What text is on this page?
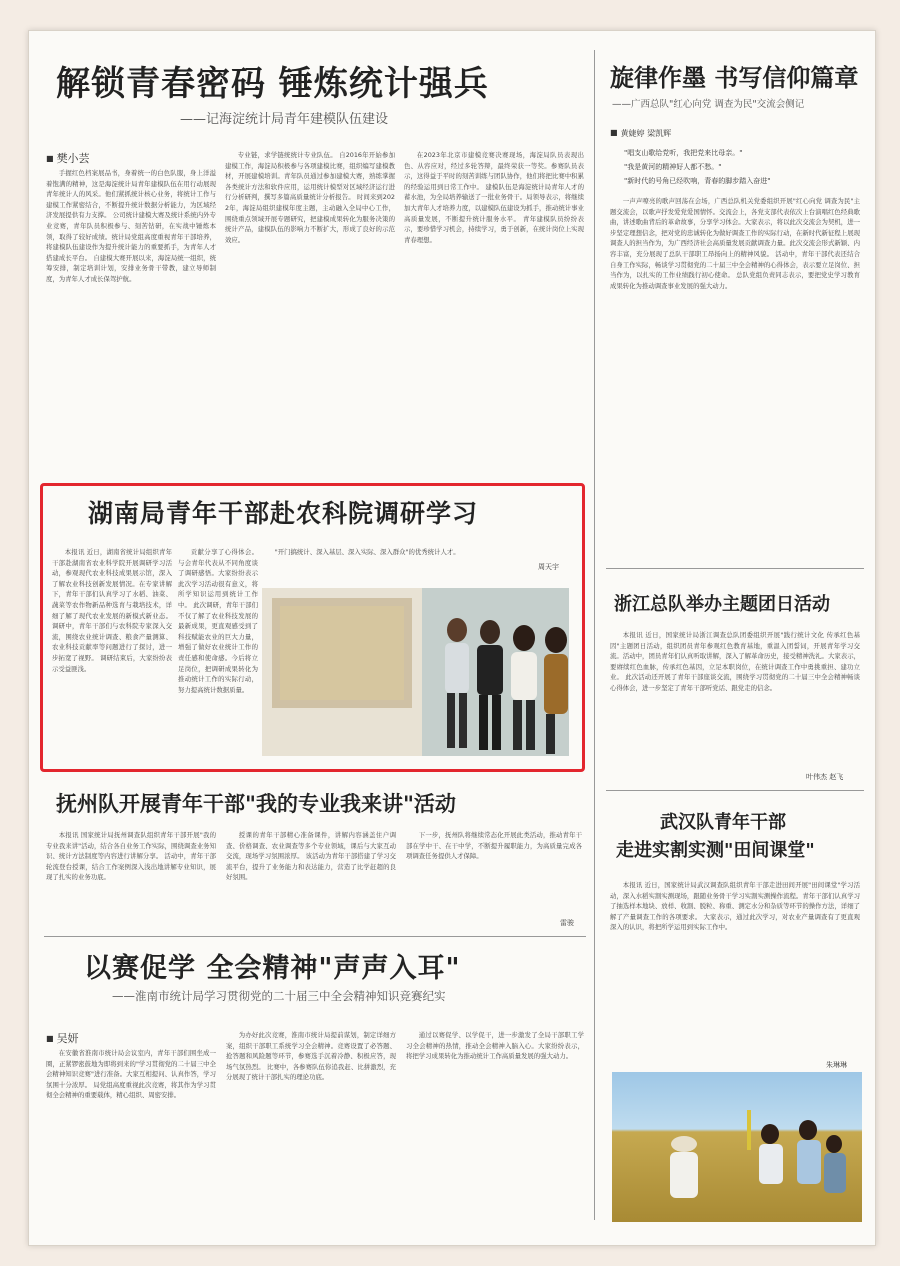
解锁青春密码 锤炼统计强兵
——记海淀统计局青年建模队伍建设
■ 樊小芸

手握红色档案展品书，身着统一的白色队服，身上洋溢着饱满的精神，这是海淀统计局青年建模队伍在用行动展现青年统计人的风采。他们紧抓统计核心业务，将统计工作与建模工作紧密结合，不断提升统计数据分析能力，为区域经济发展提供有力支撑。 公司统计建模大赛及统计系统内外专业竞赛，青年队员积极参与、刻苦钻研，在实战中锤炼本领，取得了较好成绩。统计局党组高度重视青年干部培养，将建模队伍建设作为提升统计能力的重要抓手，为青年人才搭建成长平台。 自建模大赛开展以来，海淀局统一组织，统筹安排，制定培训计划，安排业务骨干带教，建立导师制度，为青年人才成长保驾护航。

专业链，求学链统统计专业队伍。 自2016年开始参加建模工作，海淀局积极参与各项建模比赛，组织编写建模教材，开展建模培训。青年队员通过参加建模大赛，熟练掌握各类统计方法和软件应用，运用统计模型对区域经济运行进行分析研判，撰写多篇高质量统计分析报告。 时间来到2022年，海淀局组织建模年度主题，主动融入全局中心工作，围绕重点领域开展专题研究，把建模成果转化为服务决策的统计产品，建模队伍的影响力不断扩大，形成了良好的示范效应。

在2023年北京市建模竞赛决赛现场，海淀局队员表现出色、从容应对，经过多轮答辩，最终荣获一等奖。参赛队员表示，这得益于平时的刻苦训练与团队协作，他们将把比赛中积累的经验运用到日常工作中。 建模队伍是海淀统计局青年人才的蓄水池，为全局培养输送了一批业务骨干。局领导表示，将继续加大青年人才培养力度，以建模队伍建设为抓手，推动统计事业高质量发展，不断提升统计服务水平。 青年建模队员纷纷表示，要珍惜学习机会，持续学习，勇于创新，在统计岗位上实现青春理想。

旋律作墨 书写信仰篇章
——广西总队"红心向党 调查为民"交流会侧记
■ 黄婕婷 梁凯辉
"唱支山歌给党听，我把党来比母亲。"
"我是黄河的精神好人都不愁。"
"新时代的号角已经吹响，青春的脚步踏入奋进"

一声声嘹亮的歌声回荡在会场，广西总队机关党委组织开展"红心向党 调查为民"主题交流会，以歌声抒发爱党爱国情怀。交流会上，各党支部代表依次上台演唱红色经典歌曲，讲述歌曲背后的革命故事，分享学习体会。大家表示，将以此次交流会为契机，进一步坚定理想信念，把对党的忠诚转化为做好调查工作的实际行动，在新时代新征程上展现调查人的担当作为，为广西经济社会高质量发展贡献调查力量。此次交流会形式新颖、内容丰富，充分展现了总队干部职工昂扬向上的精神风貌。 活动中，青年干部代表还结合自身工作实际，畅谈学习贯彻党的二十届三中全会精神的心得体会，表示要立足岗位、担当作为，以扎实的工作业绩践行初心使命。 总队党组负责同志表示，要把党史学习教育成果转化为推动调查事业发展的强大动力。

湖南局青年干部赴农科院调研学习

本报讯 近日，湖南省统计局组织青年干部赴湖南省农业科学院开展调研学习活动，参观现代农业科技成果展示馆，深入了解农业科技创新发展情况。在专家讲解下，青年干部们认真学习了水稻、油菜、蔬菜等农作物新品种选育与栽培技术，详细了解了现代农业发展的新模式新业态。 调研中，青年干部们与农科院专家深入交流，围绕农业统计调查、粮食产量测算、农业科技贡献率等问题进行了探讨，进一步拓宽了视野。 调研结束后，大家纷纷表示受益匪浅。

贡献分享了心得体会。与会青年代表从不同角度谈了调研感悟。大家纷纷表示此次学习活动很有意义，将所学知识运用到统计工作中。 此次调研，青年干部们不仅了解了农业科技发展的最新成果，更直观感受到了科技赋能农业的巨大力量，增强了做好农业统计工作的责任感和使命感。今后将立足岗位，把调研成果转化为推动统计工作的实际行动，努力提高统计数据质量。

"开门搞统计、深入基层、深入实际、深入群众"的优秀统计人才。

周天宇
浙江总队举办主题团日活动

本报讯 近日，国家统计局浙江调查总队团委组织开展"践行统计文化 传承红色基因"主题团日活动，组织团员青年参观红色教育基地，重温入团誓词，开展青年学习交流。活动中，团员青年们认真听取讲解，深入了解革命历史，接受精神洗礼。大家表示，要赓续红色血脉，传承红色基因，立足本职岗位，在统计调查工作中勇挑重担、建功立业。 此次活动还开展了青年干部座谈交流，围绕学习贯彻党的二十届三中全会精神畅谈心得体会，进一步坚定了青年干部听党话、跟党走的信念。

叶伟杰 赵飞
抚州队开展青年干部"我的专业我来讲"活动

本报讯 国家统计局抚州调查队组织青年干部开展"我的专业我来讲"活动，结合各自业务工作实际，围绕调查业务知识、统计方法制度等内容进行讲解分享。 活动中，青年干部轮流登台授课，结合工作案例深入浅出地讲解专业知识，展现了扎实的业务功底。

授课的青年干部精心准备课件，讲解内容涵盖住户调查、价格调查、农业调查等多个专业领域，课后与大家互动交流，现场学习氛围浓厚。 该活动为青年干部搭建了学习交流平台，提升了业务能力和表达能力，营造了比学赶超的良好氛围。

下一步，抚州队将继续常态化开展此类活动，推动青年干部在学中干、在干中学，不断提升履职能力，为高质量完成各项调查任务提供人才保障。

雷骏
武汉队青年干部
走进实割实测"田间课堂"

本报讯 近日，国家统计局武汉调查队组织青年干部走进田间开展"田间课堂"学习活动，深入水稻实割实测现场，跟随业务骨干学习实割实测操作流程。青年干部们认真学习了抽选样本地块、放样、收割、脱粒、称重、测定水分和杂质等环节的操作方法，详细了解了产量调查工作的各项要求。 大家表示，通过此次学习，对农业产量调查有了更直观深入的认识，将把所学运用到实际工作中。

朱琳琳
以赛促学 全会精神"声声入耳"
——淮南市统计局学习贯彻党的二十届三中全会精神知识竞赛纪实
■ 吴妍

在安徽省淮南市统计局会议室内，青年干部们围坐成一圈，正紧锣密鼓地为即将到来的"学习贯彻党的二十届三中全会精神知识竞赛"进行准备。大家互相提问、认真作答，学习氛围十分浓厚。 局党组高度重视此次竞赛，将其作为学习贯彻全会精神的重要载体，精心组织、周密安排。

为办好此次竞赛，淮南市统计局提前谋划，制定详细方案，组织干部职工系统学习全会精神。竞赛设置了必答题、抢答题和风险题等环节，参赛选手沉着冷静、积极应答，现场气氛热烈。 比赛中，各参赛队伍你追我赶、比拼激烈，充分展现了统计干部扎实的理论功底。

通过以赛促学、以学促干，进一步激发了全局干部职工学习全会精神的热情，推动全会精神入脑入心。大家纷纷表示，将把学习成果转化为推动统计工作高质量发展的强大动力。
